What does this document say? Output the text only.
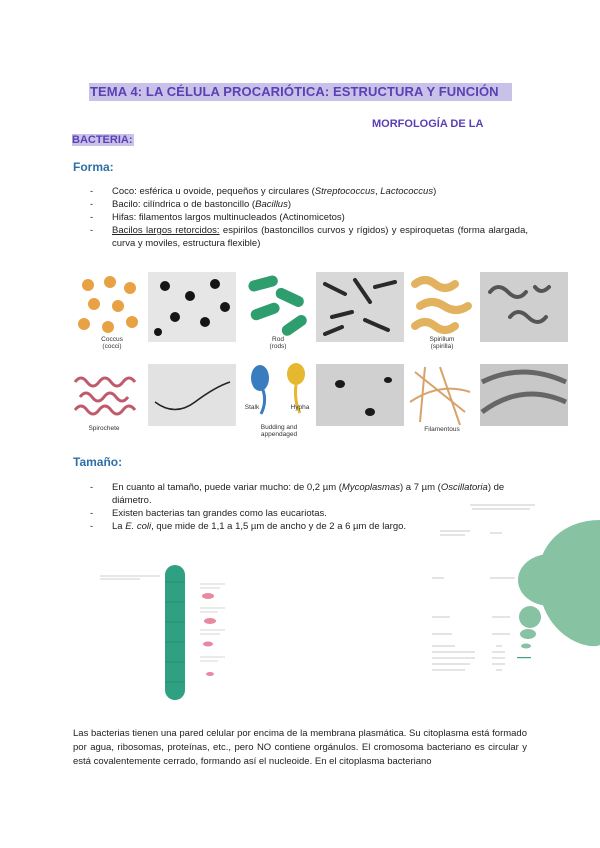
TEMA 4: LA CÉLULA PROCARIÓTICA: ESTRUCTURA Y FUNCIÓN
MORFOLOGÍA DE LA
BACTERIA:
Forma:
- Coco: esférica u ovoide, pequeños y circulares (Streptococcus, Lactococcus)
- Bacilo: cilíndrica o de bastoncillo (Bacillus)
- Hifas: filamentos largos multinucleados (Actinomicetos)
- Bacilos largos retorcidos: espirilos (bastoncillos curvos y rígidos) y espiroquetas (forma alargada, curva y moviles, estructura flexible)
Coccus
(cocci)
Rod
(rods)
Spirillum
(spirilla)
Spirochete
Stalk	Hypha
Budding and
appendaged
Filamentous
Tamaño:
- En cuanto al tamaño, puede variar mucho: de 0,2 µm (Mycoplasmas) a 7 µm (Oscillatoria) de diámetro.
- Existen bacterias tan grandes como las eucariotas.
- La E. coli, que mide de 1,1 a 1,5 µm de ancho y de 2 a 6 µm de largo.
Las bacterias tienen una pared celular por encima de la membrana plasmática. Su citoplasma está formado por agua, ribosomas, proteínas, etc., pero NO contiene orgánulos. El cromosoma bacteriano es circular y está covalentemente cerrado, formando así el nucleoide. En el citoplasma bacteriano
